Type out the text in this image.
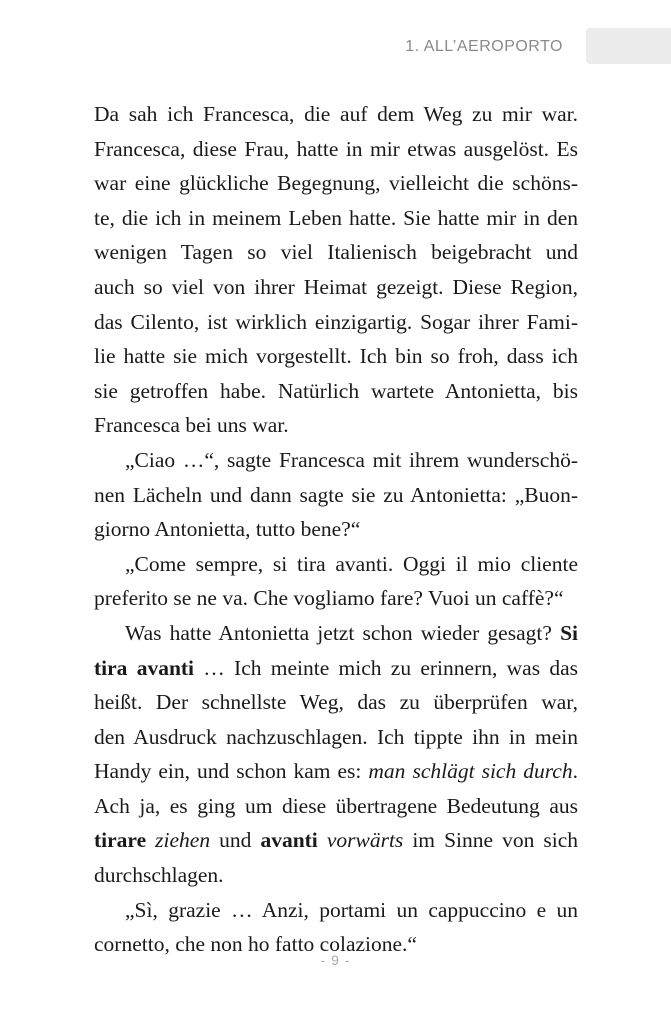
1. ALL’AEROPORTO
Da sah ich Francesca, die auf dem Weg zu mir war.
Francesca, diese Frau, hatte in mir etwas ausgelöst. Es
war eine glückliche Begegnung, vielleicht die schöns-
te, die ich in meinem Leben hatte. Sie hatte mir in den
wenigen Tagen so viel Italienisch beigebracht und
auch so viel von ihrer Heimat gezeigt. Diese Region,
das Cilento, ist wirklich einzigartig. Sogar ihrer Fami-
lie hatte sie mich vorgestellt. Ich bin so froh, dass ich
sie getroffen habe. Natürlich wartete Antonietta, bis
Francesca bei uns war.
„Ciao …“, sagte Francesca mit ihrem wunderschö-
nen Lächeln und dann sagte sie zu Antonietta: „Buon-
giorno Antonietta, tutto bene?“
„Come sempre, si tira avanti. Oggi il mio cliente
preferito se ne va. Che vogliamo fare? Vuoi un caffè?“
Was hatte Antonietta jetzt schon wieder gesagt? Si
tira avanti … Ich meinte mich zu erinnern, was das
heißt. Der schnellste Weg, das zu überprüfen war,
den Ausdruck nachzuschlagen. Ich tippte ihn in mein
Handy ein, und schon kam es: man schlägt sich durch.
Ach ja, es ging um diese übertragene Bedeutung aus
tirare ziehen und avanti vorwärts im Sinne von sich
durchschlagen.
„Sì, grazie … Anzi, portami un cappuccino e un
cornetto, che non ho fatto colazione.“
- 9 -
